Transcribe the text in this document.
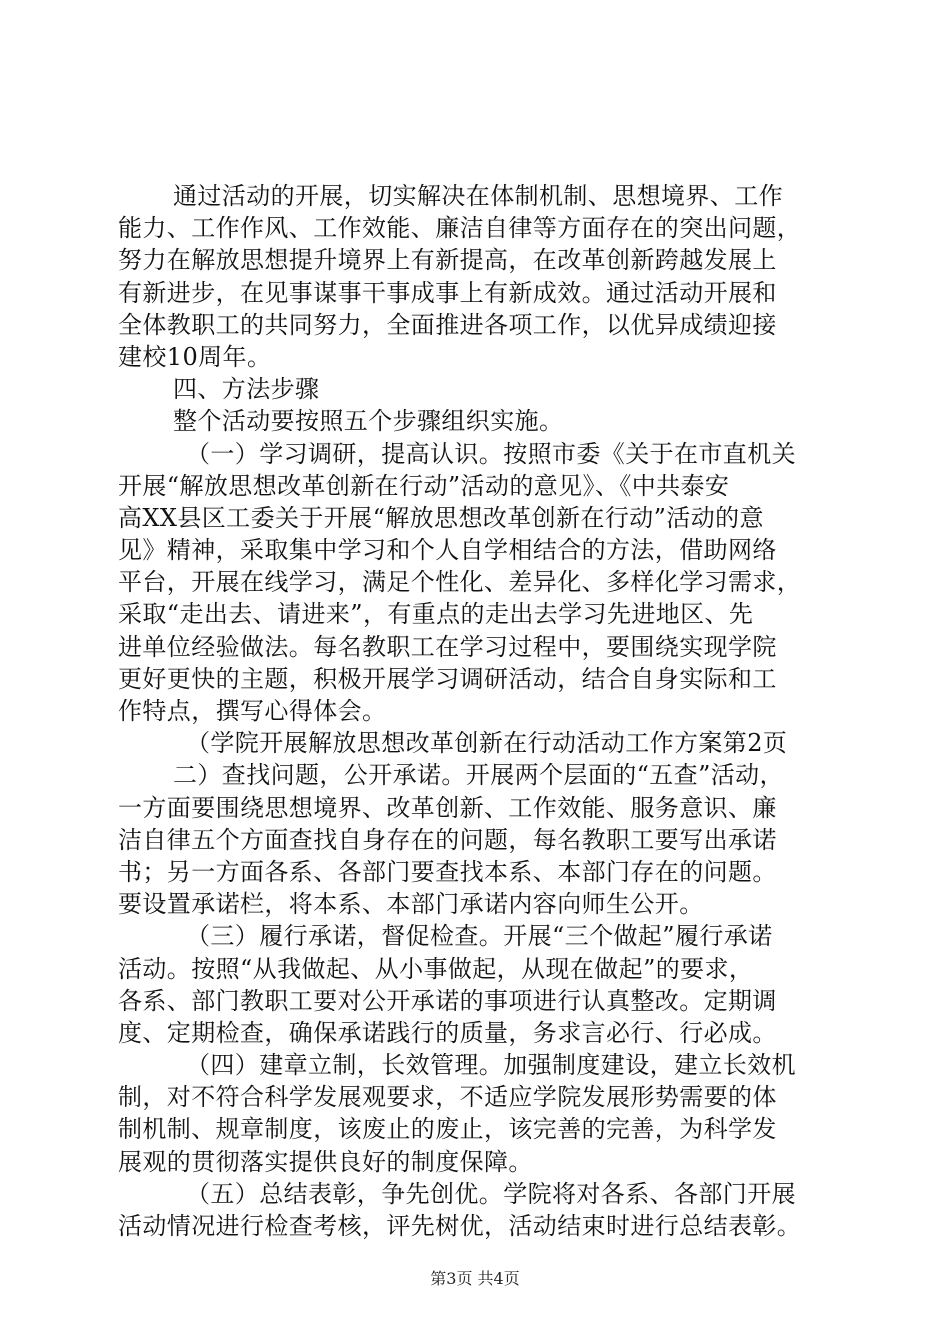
通过活动的开展，切实解决在体制机制、思想境界、工作
能力、工作作风、工作效能、廉洁自律等方面存在的突出问题，
努力在解放思想提升境界上有新提高，在改革创新跨越发展上
有新进步，在见事谋事干事成事上有新成效。通过活动开展和
全体教职工的共同努力，全面推进各项工作，以优异成绩迎接
建校10周年。
四、方法步骤
整个活动要按照五个步骤组织实施。
（一）学习调研，提高认识。按照市委《关于在市直机关
开展“解放思想改革创新在行动”活动的意见》、《中共泰安
高XX县区工委关于开展“解放思想改革创新在行动”活动的意
见》精神，采取集中学习和个人自学相结合的方法，借助网络
平台，开展在线学习，满足个性化、差异化、多样化学习需求，
采取“走出去、请进来”，有重点的走出去学习先进地区、先
进单位经验做法。每名教职工在学习过程中，要围绕实现学院
更好更快的主题，积极开展学习调研活动，结合自身实际和工
作特点，撰写心得体会。
（学院开展解放思想改革创新在行动活动工作方案第2页
二）查找问题，公开承诺。开展两个层面的“五查”活动，
一方面要围绕思想境界、改革创新、工作效能、服务意识、廉
洁自律五个方面查找自身存在的问题，每名教职工要写出承诺
书；另一方面各系、各部门要查找本系、本部门存在的问题。
要设置承诺栏，将本系、本部门承诺内容向师生公开。
（三）履行承诺，督促检查。开展“三个做起”履行承诺
活动。按照“从我做起、从小事做起，从现在做起”的要求，
各系、部门教职工要对公开承诺的事项进行认真整改。定期调
度、定期检查，确保承诺践行的质量，务求言必行、行必成。
（四）建章立制，长效管理。加强制度建设，建立长效机
制，对不符合科学发展观要求，不适应学院发展形势需要的体
制机制、规章制度，该废止的废止，该完善的完善，为科学发
展观的贯彻落实提供良好的制度保障。
（五）总结表彰，争先创优。学院将对各系、各部门开展
活动情况进行检查考核，评先树优，活动结束时进行总结表彰。
第3页 共4页
